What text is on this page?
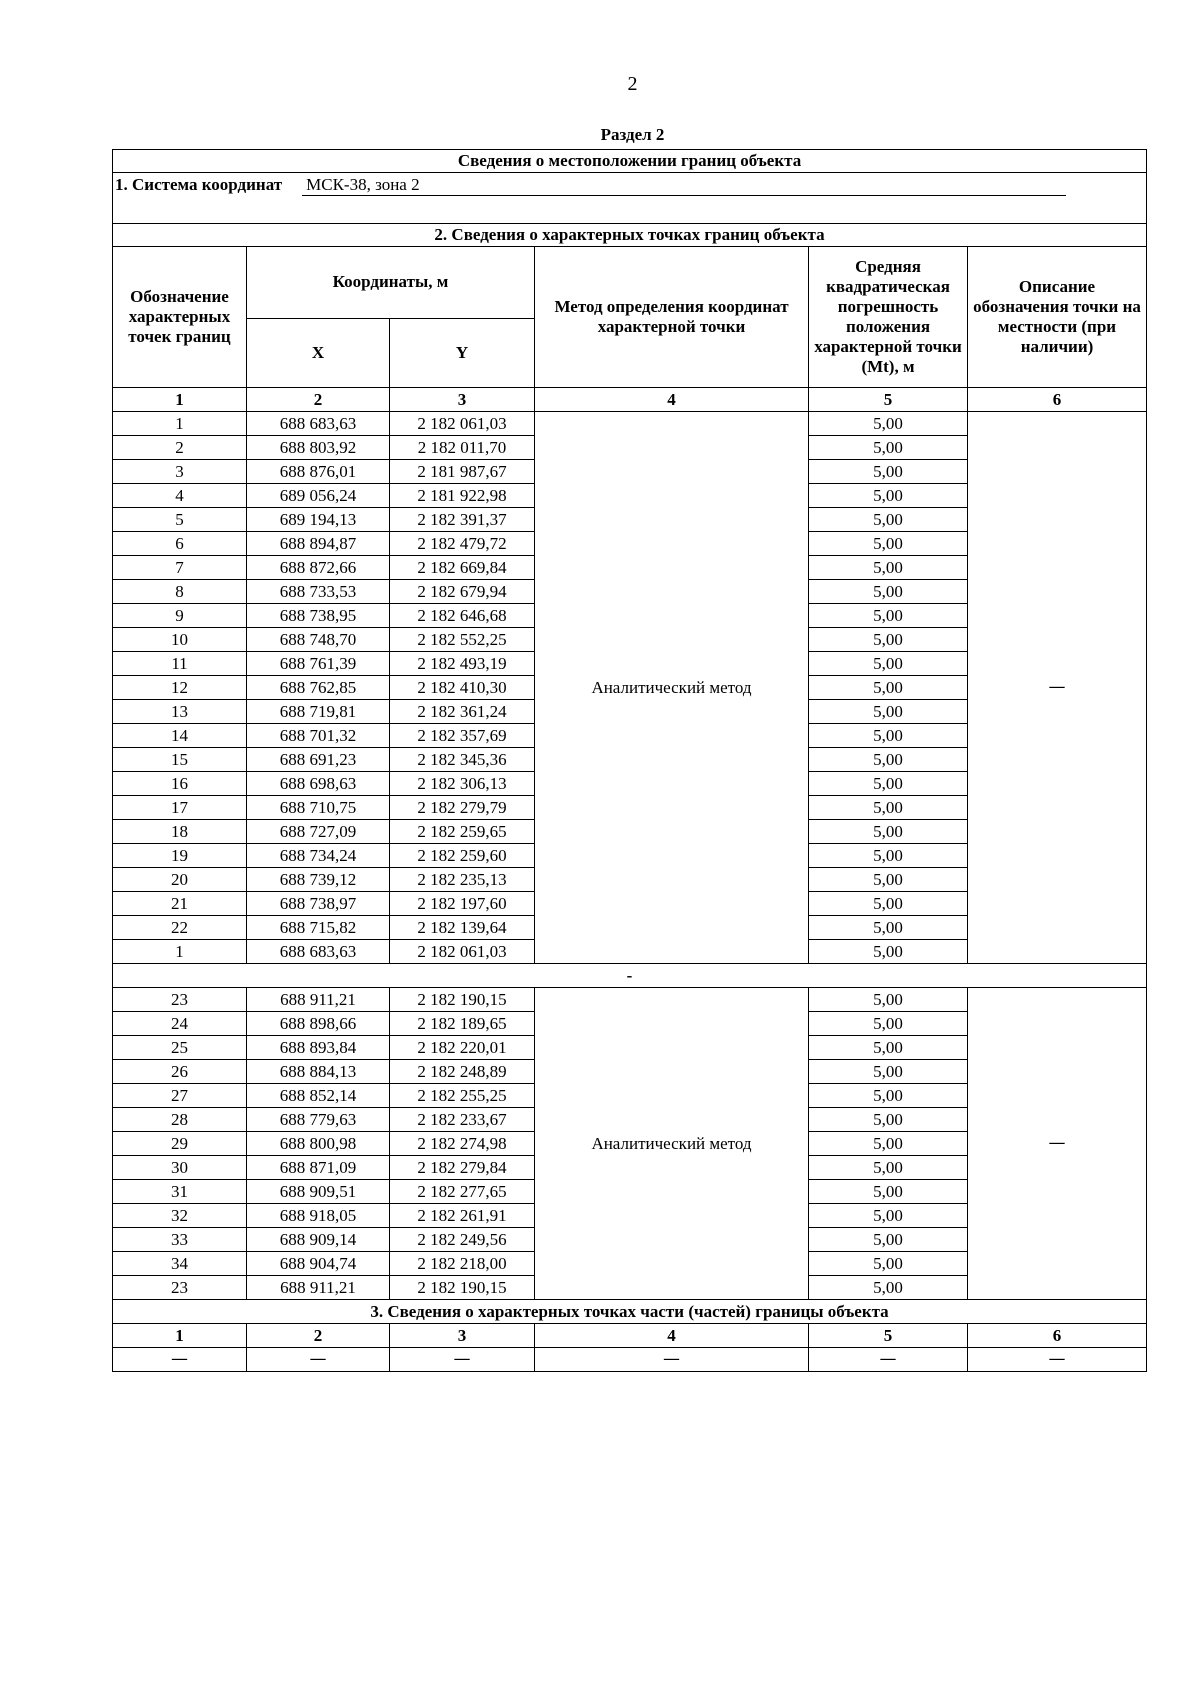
2
Раздел 2
Сведения о местоположении границ объекта					
1. Система координат МСК-38, зона 2					

2. Сведения о характерных точках границ объекта					
Обозначение характерных точек границ	Координаты, м		Метод определения координат характерной точки	Средняя квадратическая погрешность положения характерной точки (Mt), м	Описание обозначения точки на местности (при наличии)
	X	Y			
1	2	3	4	5	6
1	688 683,63	2 182 061,03	Аналитический метод	5,00	—
2	688 803,92	2 182 011,70		5,00	
3	688 876,01	2 181 987,67		5,00	
4	689 056,24	2 181 922,98		5,00	
5	689 194,13	2 182 391,37		5,00	
6	688 894,87	2 182 479,72		5,00	
7	688 872,66	2 182 669,84		5,00	
8	688 733,53	2 182 679,94		5,00	
9	688 738,95	2 182 646,68		5,00	
10	688 748,70	2 182 552,25		5,00	
11	688 761,39	2 182 493,19		5,00	
12	688 762,85	2 182 410,30		5,00	
13	688 719,81	2 182 361,24		5,00	
14	688 701,32	2 182 357,69		5,00	
15	688 691,23	2 182 345,36		5,00	
16	688 698,63	2 182 306,13		5,00	
17	688 710,75	2 182 279,79		5,00	
18	688 727,09	2 182 259,65		5,00	
19	688 734,24	2 182 259,60		5,00	
20	688 739,12	2 182 235,13		5,00	
21	688 738,97	2 182 197,60		5,00	
22	688 715,82	2 182 139,64		5,00	
1	688 683,63	2 182 061,03		5,00	
-					
23	688 911,21	2 182 190,15	Аналитический метод	5,00	—
24	688 898,66	2 182 189,65		5,00	
25	688 893,84	2 182 220,01		5,00	
26	688 884,13	2 182 248,89		5,00	
27	688 852,14	2 182 255,25		5,00	
28	688 779,63	2 182 233,67		5,00	
29	688 800,98	2 182 274,98		5,00	
30	688 871,09	2 182 279,84		5,00	
31	688 909,51	2 182 277,65		5,00	
32	688 918,05	2 182 261,91		5,00	
33	688 909,14	2 182 249,56		5,00	
34	688 904,74	2 182 218,00		5,00	
23	688 911,21	2 182 190,15		5,00	
3. Сведения о характерных точках части (частей) границы объекта					
1	2	3	4	5	6
—	—	—	—	—	—
